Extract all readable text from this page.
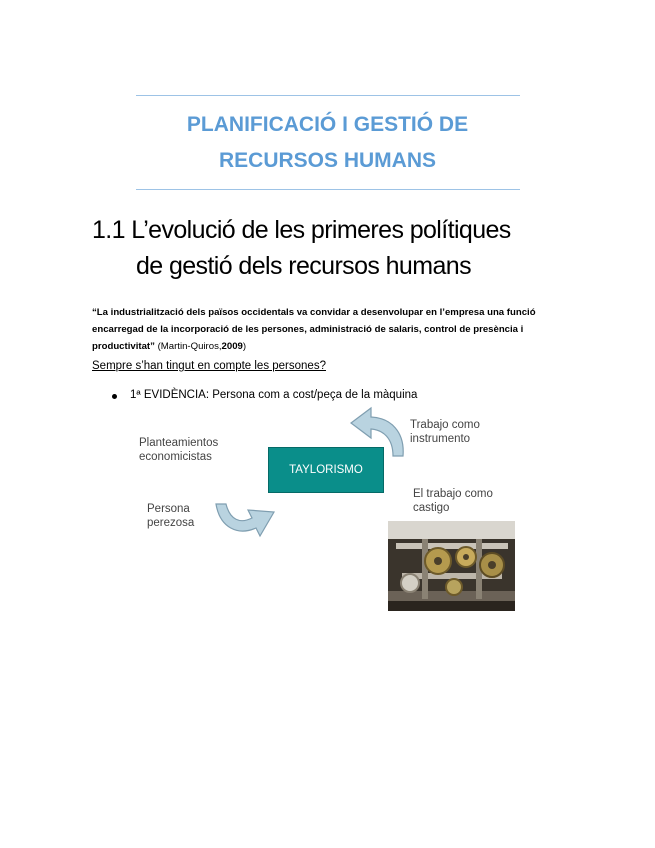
PLANIFICACIÓ I GESTIÓ DE
RECURSOS HUMANS
1.1 L’evolució de les primeres polítiques
de gestió dels recursos humans
“La industrialització dels països occidentals va convidar a desenvolupar en l’empresa una funció
encarregad de la incorporació de les persones, administració de salaris, control de presència i
productivitat” (Martin-Quiros,2009)
Sempre s’han tingut en compte les persones?
1ª EVIDÈNCIA: Persona com a cost/peça de la màquina
Planteamientos
economicistas
TAYLORISMO
Trabajo como
instrumento
Persona
perezosa
El trabajo como
castigo
